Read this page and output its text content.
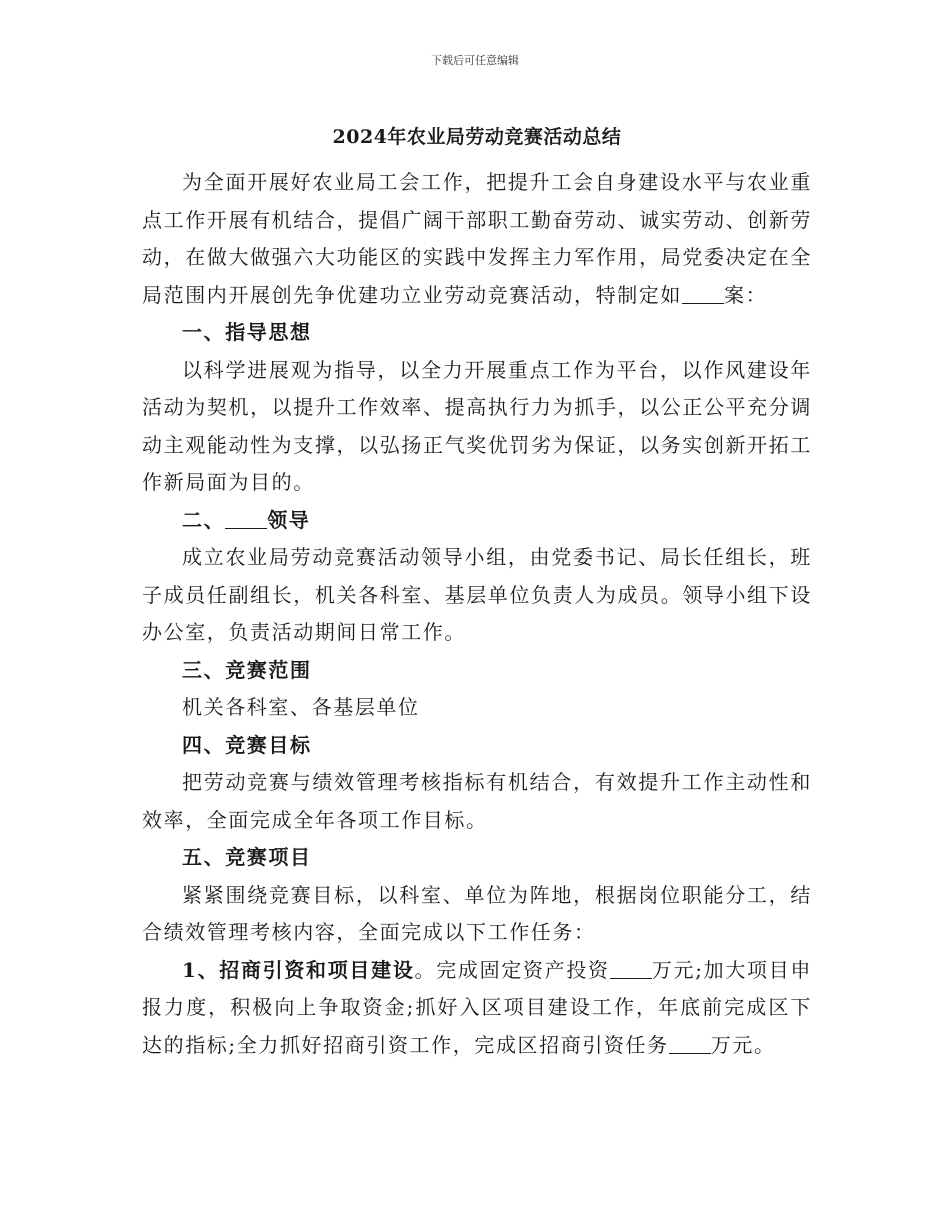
下载后可任意编辑
2024年农业局劳动竞赛活动总结

为全面开展好农业局工会工作，把提升工会自身建设水平与农业重点工作开展有机结合，提倡广阔干部职工勤奋劳动、诚实劳动、创新劳动，在做大做强六大功能区的实践中发挥主力军作用，局党委决定在全局范围内开展创先争优建功立业劳动竞赛活动，特制定如 案：

一、指导思想

以科学进展观为指导，以全力开展重点工作为平台，以作风建设年活动为契机，以提升工作效率、提高执行力为抓手，以公正公平充分调动主观能动性为支撑，以弘扬正气奖优罚劣为保证，以务实创新开拓工作新局面为目的。

二、 领导

成立农业局劳动竞赛活动领导小组，由党委书记、局长任组长，班子成员任副组长，机关各科室、基层单位负责人为成员。领导小组下设办公室，负责活动期间日常工作。

三、竞赛范围

机关各科室、各基层单位

四、竞赛目标

把劳动竞赛与绩效管理考核指标有机结合，有效提升工作主动性和效率，全面完成全年各项工作目标。

五、竞赛项目

紧紧围绕竞赛目标，以科室、单位为阵地，根据岗位职能分工，结合绩效管理考核内容，全面完成以下工作任务：

1、招商引资和项目建设。完成固定资产投资 万元;加大项目申报力度，积极向上争取资金;抓好入区项目建设工作，年底前完成区下达的指标;全力抓好招商引资工作，完成区招商引资任务 万元。
